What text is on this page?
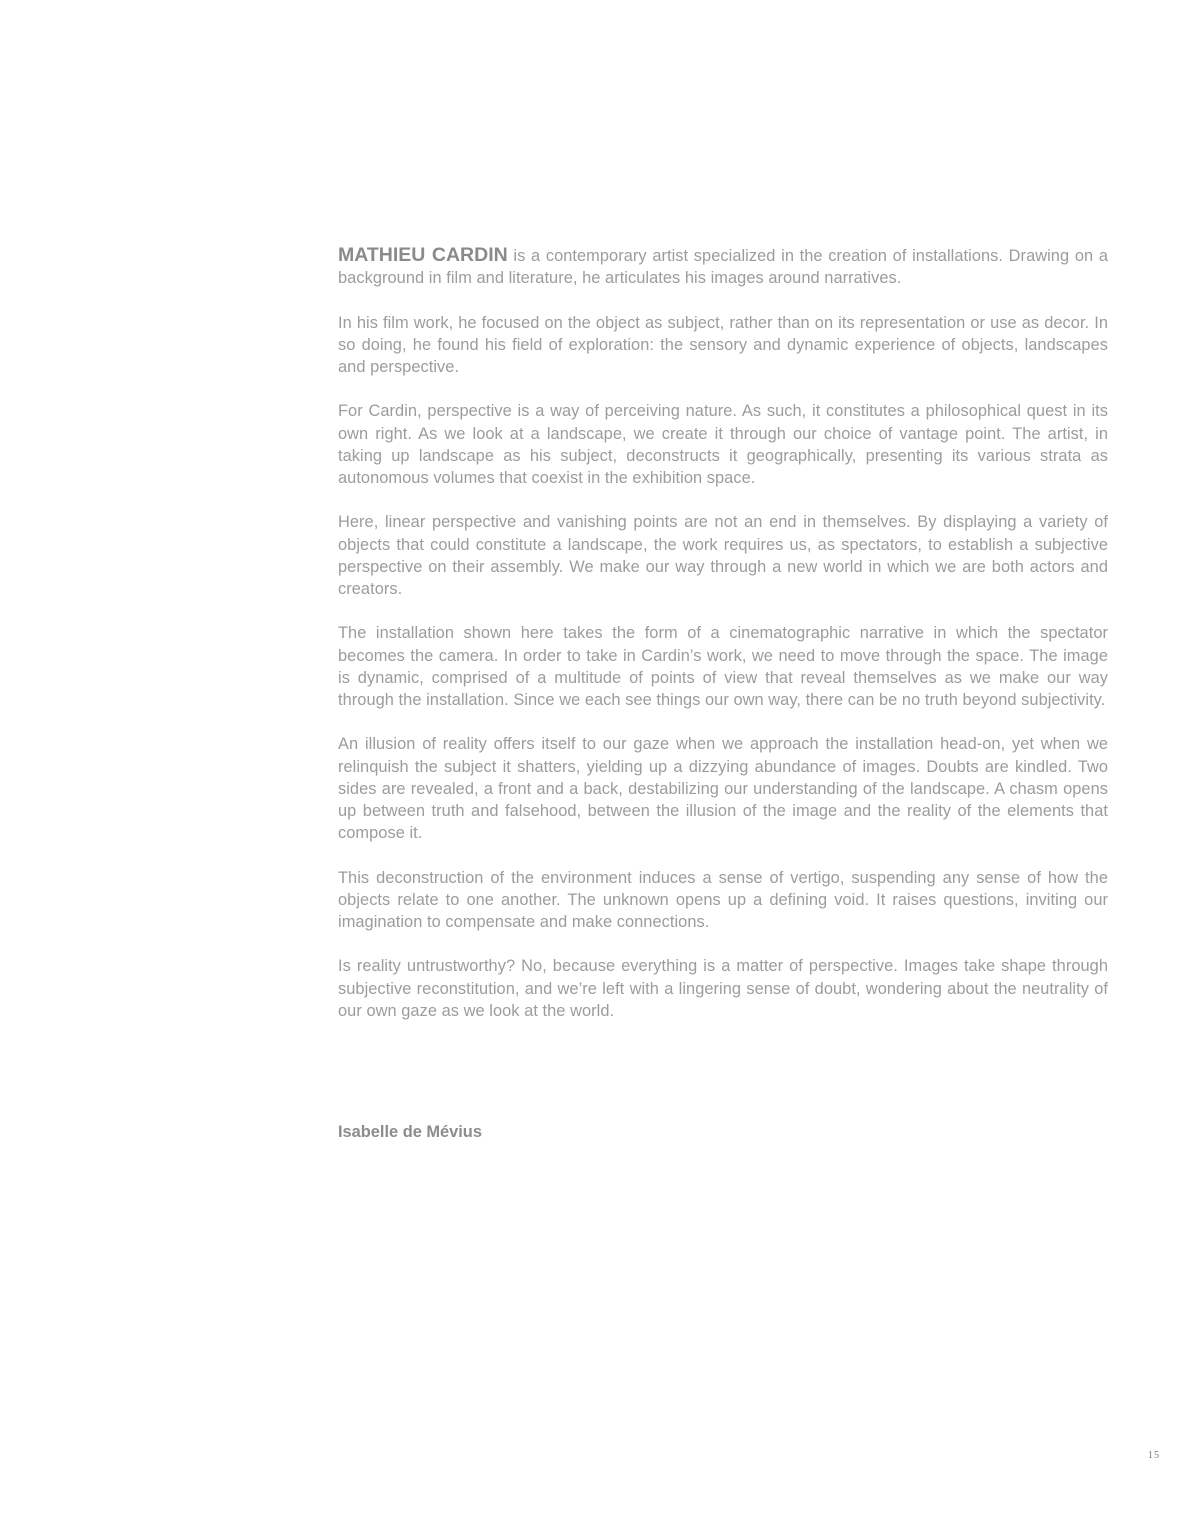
MATHIEU CARDIN is a contemporary artist specialized in the creation of installations. Drawing on a background in film and literature, he articulates his images around narratives.

In his film work, he focused on the object as subject, rather than on its representation or use as decor. In so doing, he found his field of exploration: the sensory and dynamic experience of objects, landscapes and perspective.

For Cardin, perspective is a way of perceiving nature. As such, it constitutes a philosophical quest in its own right. As we look at a landscape, we create it through our choice of vantage point. The artist, in taking up landscape as his subject, deconstructs it geographically, presenting its various strata as autonomous volumes that coexist in the exhibition space.

Here, linear perspective and vanishing points are not an end in themselves. By displaying a variety of objects that could constitute a landscape, the work requires us, as spectators, to establish a subjective perspective on their assembly. We make our way through a new world in which we are both actors and creators.

The installation shown here takes the form of a cinematographic narrative in which the spectator becomes the camera. In order to take in Cardin’s work, we need to move through the space. The image is dynamic, comprised of a multitude of points of view that reveal themselves as we make our way through the installation. Since we each see things our own way, there can be no truth beyond subjectivity.

An illusion of reality offers itself to our gaze when we approach the installation head-on, yet when we relinquish the subject it shatters, yielding up a dizzying abundance of images. Doubts are kindled. Two sides are revealed, a front and a back, destabilizing our understanding of the landscape. A chasm opens up between truth and falsehood, between the illusion of the image and the reality of the elements that compose it.

This deconstruction of the environment induces a sense of vertigo, suspending any sense of how the objects relate to one another. The unknown opens up a defining void. It raises questions, inviting our imagination to compensate and make connections.

Is reality untrustworthy? No, because everything is a matter of perspective. Images take shape through subjective reconstitution, and we’re left with a lingering sense of doubt, wondering about the neutrality of our own gaze as we look at the world.

Isabelle de Mévius
15
